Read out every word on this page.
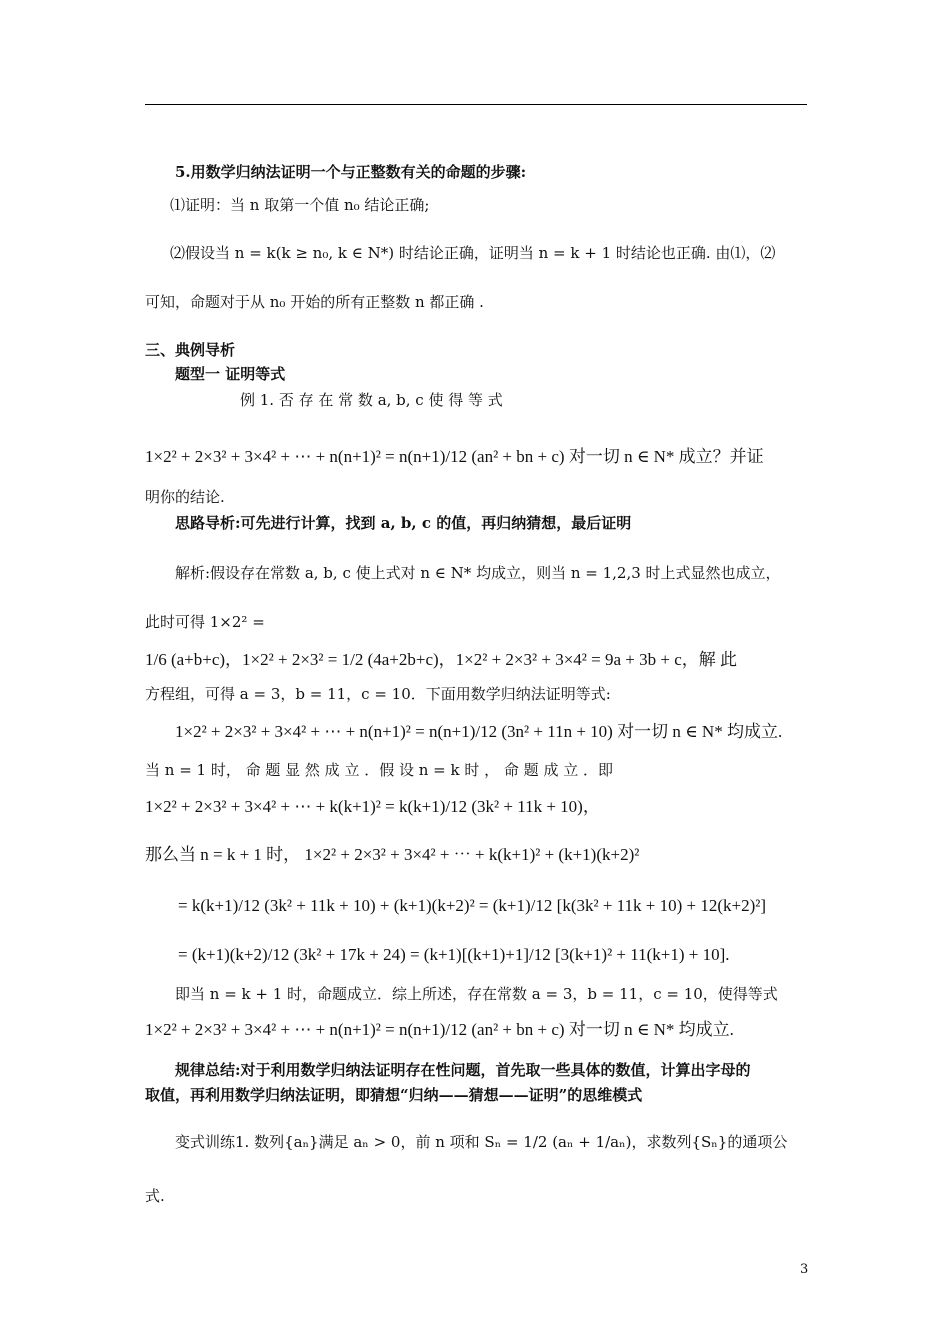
5.用数学归纳法证明一个与正整数有关的命题的步骤:
⑴证明：当 n 取第一个值 n₀ 结论正确;
⑵假设当 n = k(k ≥ n₀, k ∈ N*) 时结论正确，证明当 n = k + 1 时结论也正确. 由⑴，⑵
可知，命题对于从 n₀ 开始的所有正整数 n 都正确 .
三、典例导析
题型一 证明等式
例 1. 否 存 在 常 数 a, b, c 使 得 等 式
1×2² + 2×3² + 3×4² + ⋯ + n(n+1)² = n(n+1)/12 (an² + bn + c) 对一切 n ∈ N* 成立？并证
明你的结论.
思路导析:可先进行计算，找到 a, b, c 的值，再归纳猜想，最后证明
解析:假设存在常数 a, b, c 使上式对 n ∈ N* 均成立，则当 n = 1,2,3 时上式显然也成立，
此时可得 1×2² =
1/6 (a+b+c)，1×2² + 2×3² = 1/2 (4a+2b+c)，1×2² + 2×3² + 3×4² = 9a + 3b + c，解 此
方程组，可得 a = 3，b = 11，c = 10．下面用数学归纳法证明等式:
1×2² + 2×3² + 3×4² + ⋯ + n(n+1)² = n(n+1)/12 (3n² + 11n + 10) 对一切 n ∈ N* 均成立.
当 n = 1 时， 命 题 显 然 成 立 ．假 设 n = k 时 ， 命 题 成 立 ．即
1×2² + 2×3² + 3×4² + ⋯ + k(k+1)² = k(k+1)/12 (3k² + 11k + 10)，
那么当 n = k + 1 时， 1×2² + 2×3² + 3×4² + ⋯ + k(k+1)² + (k+1)(k+2)²
= k(k+1)/12 (3k² + 11k + 10) + (k+1)(k+2)² = (k+1)/12 [k(3k² + 11k + 10) + 12(k+2)²]
= (k+1)(k+2)/12 (3k² + 17k + 24) = (k+1)[(k+1)+1]/12 [3(k+1)² + 11(k+1) + 10].
即当 n = k + 1 时，命题成立．综上所述，存在常数 a = 3，b = 11，c = 10，使得等式
1×2² + 2×3² + 3×4² + ⋯ + n(n+1)² = n(n+1)/12 (an² + bn + c) 对一切 n ∈ N* 均成立.
规律总结:对于利用数学归纳法证明存在性问题，首先取一些具体的数值，计算出字母的
取值，再利用数学归纳法证明，即猜想“归纳——猜想——证明”的思维模式
变式训练1. 数列{aₙ}满足 aₙ > 0，前 n 项和 Sₙ = 1/2 (aₙ + 1/aₙ)，求数列{Sₙ}的通项公
式.
3
